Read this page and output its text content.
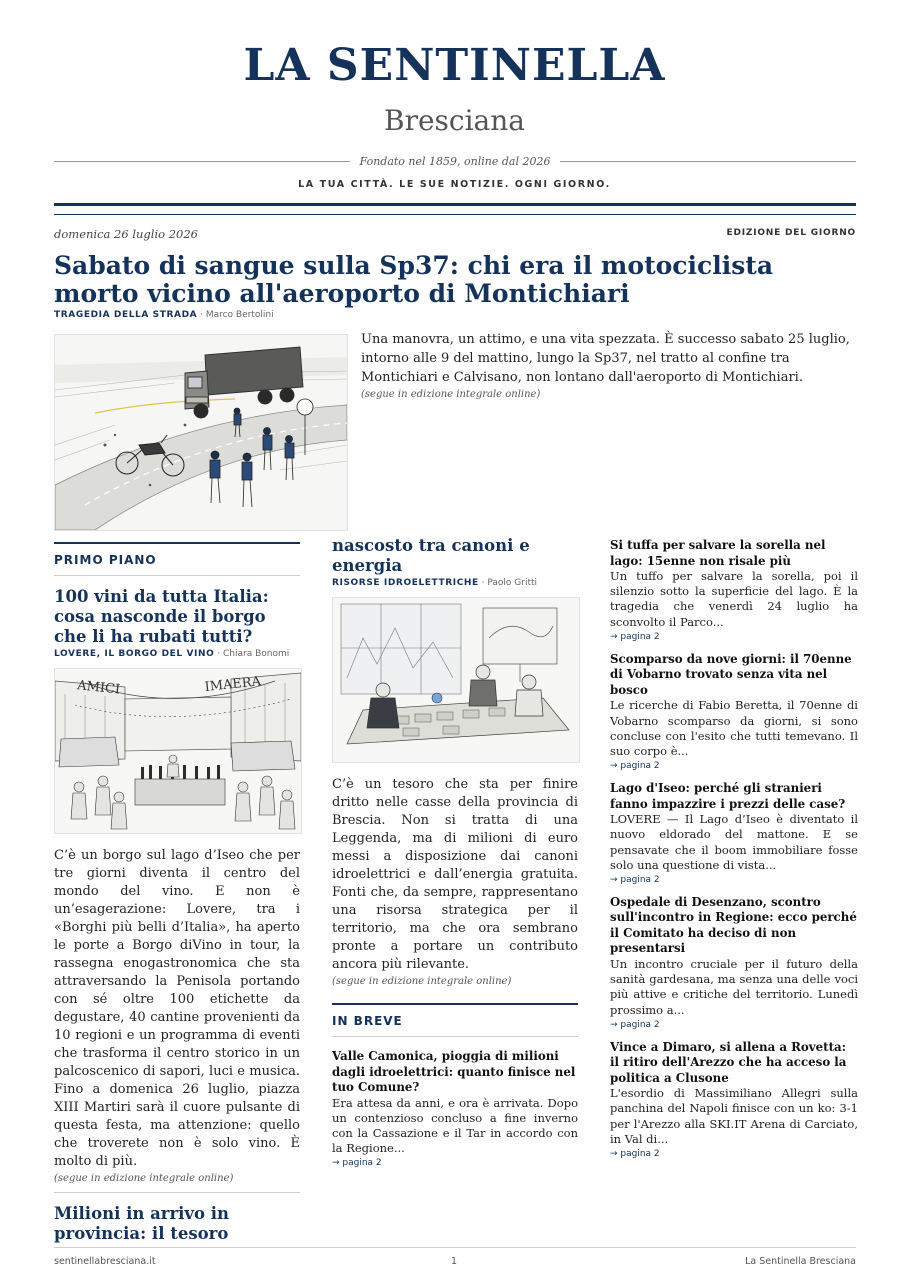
LA SENTINELLA
Bresciana
Fondato nel 1859, online dal 2026
LA TUA CITTÀ. LE SUE NOTIZIE. OGNI GIORNO.
domenica 26 luglio 2026	EDIZIONE DEL GIORNO
Sabato di sangue sulla Sp37: chi era il motociclista morto vicino all'aeroporto di Montichiari
TRAGEDIA DELLA STRADA · Marco Bertolini

Una manovra, un attimo, e una vita spezzata. È successo sabato 25 luglio, intorno alle 9 del mattino, lungo la Sp37, nel tratto al confine tra Montichiari e Calvisano, non lontano dall'aeroporto di Montichiari.
(segue in edizione integrale online)

PRIMO PIANO
100 vini da tutta Italia: cosa nasconde il borgo che li ha rubati tutti?
LOVERE, IL BORGO DEL VINO · Chiara Bonomi
AMICI	IMAERA

C’è un borgo sul lago d’Iseo che per tre giorni diventa il centro del mondo del vino. E non è un’esagerazione: Lovere, tra i «Borghi più belli d’Italia», ha aperto le porte a Borgo diVino in tour, la rassegna enogastronomica che sta attraversando la Penisola portando con sé oltre 100 etichette da degustare, 40 cantine provenienti da 10 regioni e un programma di eventi che trasforma il centro storico in un palcoscenico di sapori, luci e musica. Fino a domenica 26 luglio, piazza XIII Martiri sarà il cuore pulsante di questa festa, ma attenzione: quello che troverete non è solo vino. È molto di più.

(segue in edizione integrale online)
Milioni in arrivo in provincia: il tesoro
nascosto tra canoni e energia
RISORSE IDROELETTRICHE · Paolo Gritti

C’è un tesoro che sta per finire dritto nelle casse della provincia di Brescia. Non si tratta di una Leggenda, ma di milioni di euro messi a disposizione dai canoni idroelettrici e dall’energia gratuita. Fonti che, da sempre, rappresentano una risorsa strategica per il territorio, ma che ora sembrano pronte a portare un contributo ancora più rilevante.

(segue in edizione integrale online)
IN BREVE
Valle Camonica, pioggia di milioni dagli idroelettrici: quanto finisce nel tuo Comune?

Era attesa da anni, e ora è arrivata. Dopo un contenzioso concluso a fine inverno con la Cassazione e il Tar in accordo con la Regione...

→ pagina 2
Si tuffa per salvare la sorella nel lago: 15enne non risale più

Un tuffo per salvare la sorella, poi il silenzio sotto la superficie del lago. È la tragedia che venerdì 24 luglio ha sconvolto il Parco...

→ pagina 2
Scomparso da nove giorni: il 70enne di Vobarno trovato senza vita nel bosco

Le ricerche di Fabio Beretta, il 70enne di Vobarno scomparso da giorni, si sono concluse con l'esito che tutti temevano. Il suo corpo è...

→ pagina 2
Lago d'Iseo: perché gli stranieri fanno impazzire i prezzi delle case?

LOVERE — Il Lago d’Iseo è diventato il nuovo eldorado del mattone. E se pensavate che il boom immobiliare fosse solo una questione di vista...

→ pagina 2
Ospedale di Desenzano, scontro sull'incontro in Regione: ecco perché il Comitato ha deciso di non presentarsi

Un incontro cruciale per il futuro della sanità gardesana, ma senza una delle voci più attive e critiche del territorio. Lunedì prossimo a...

→ pagina 2
Vince a Dimaro, si allena a Rovetta: il ritiro dell'Arezzo che ha acceso la politica a Clusone

L'esordio di Massimiliano Allegri sulla panchina del Napoli finisce con un ko: 3-1 per l'Arezzo alla SKI.IT Arena di Carciato, in Val di...

→ pagina 2
sentinellabresciana.it	1	La Sentinella Bresciana
